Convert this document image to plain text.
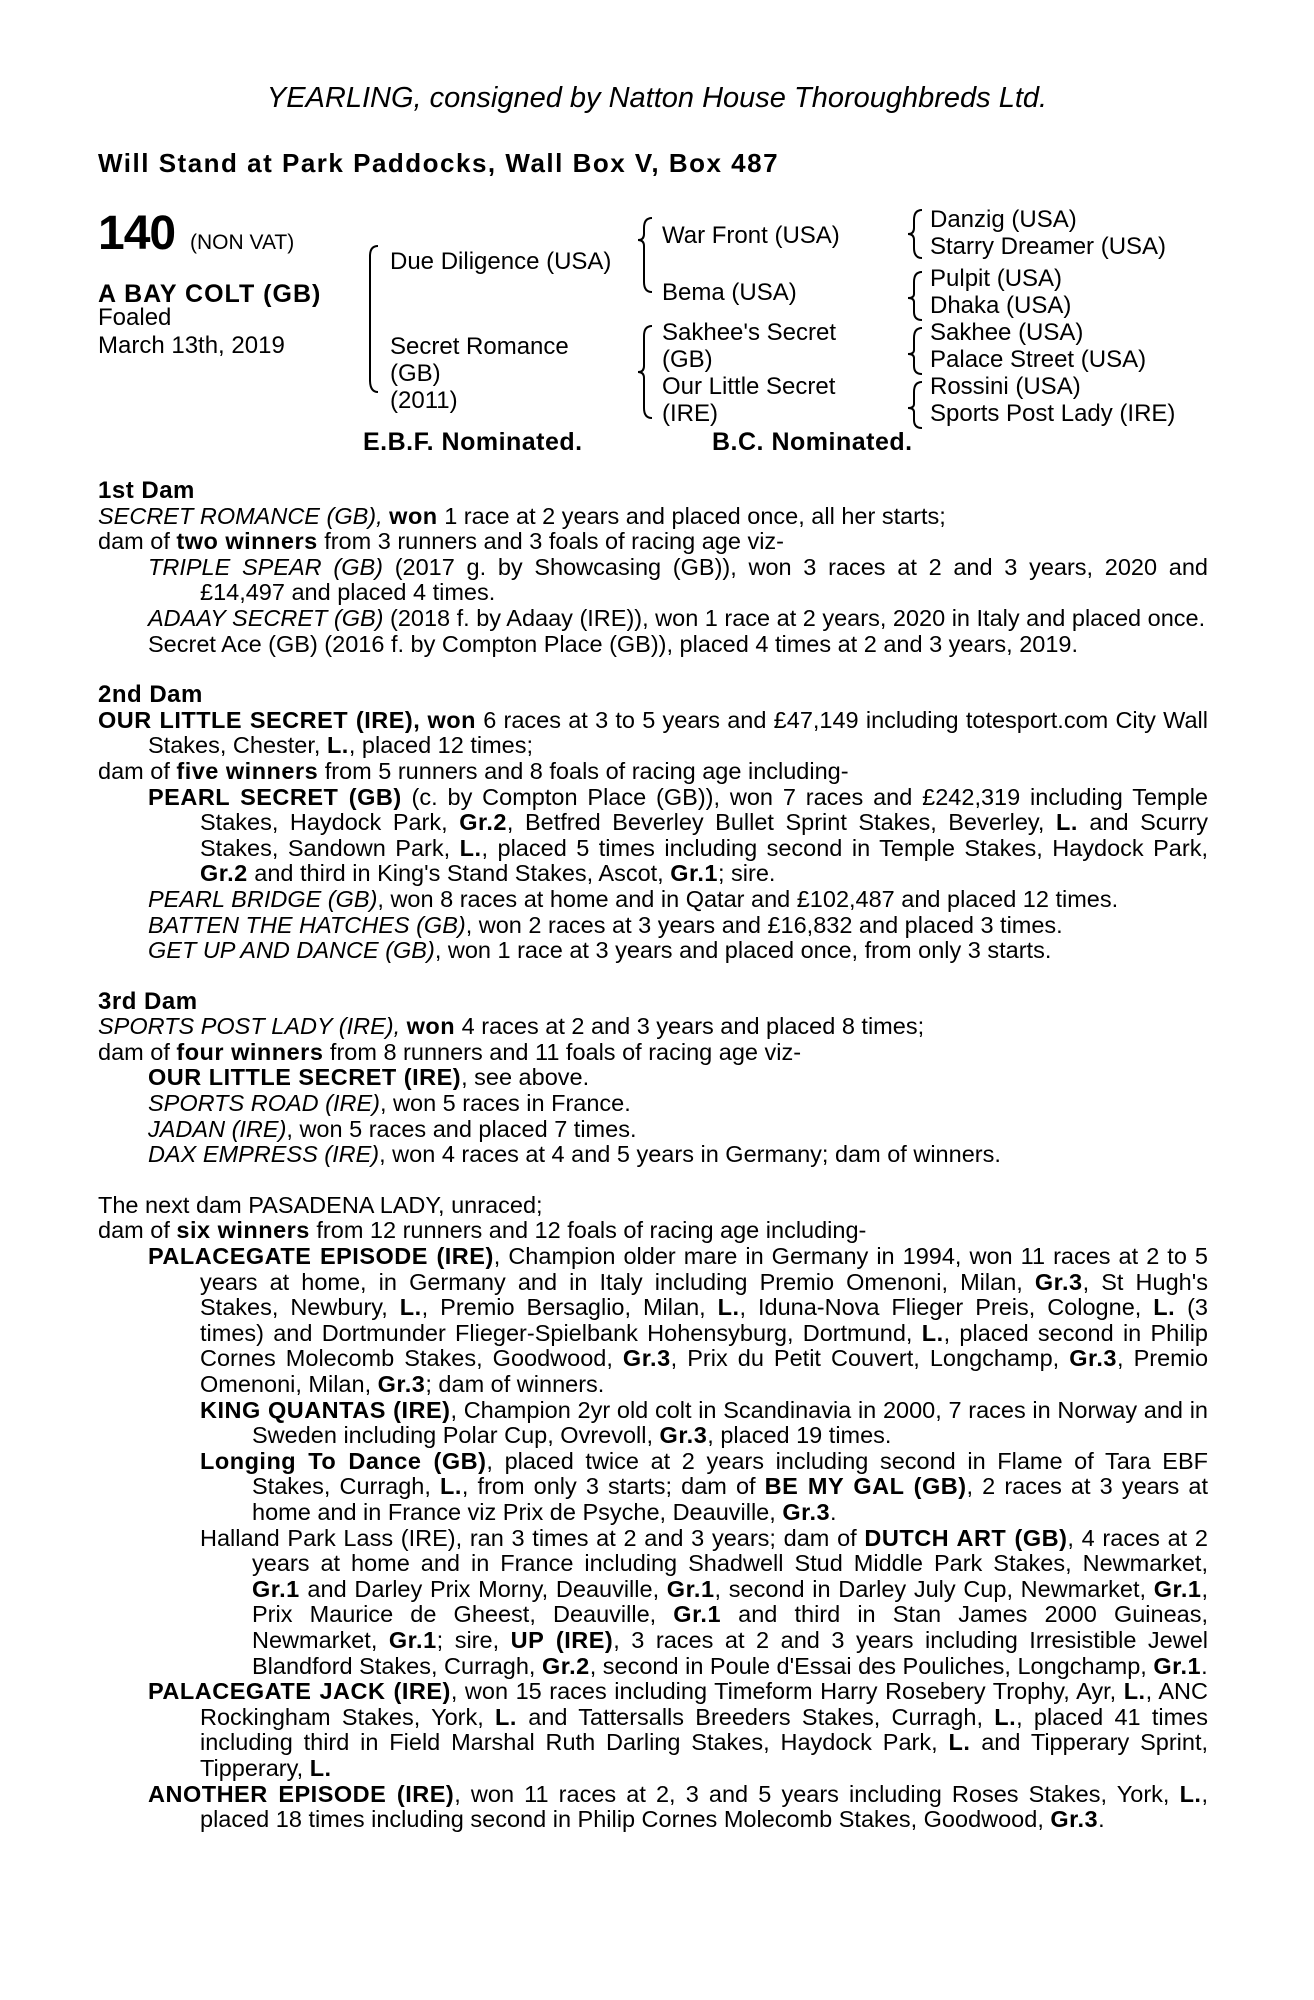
YEARLING, consigned by Natton House Thoroughbreds Ltd.
Will Stand at Park Paddocks, Wall Box V, Box 487
140 (NON VAT)
A BAY COLT (GB)
Foaled
March 13th, 2019
Due Diligence (USA)
Secret Romance
(GB)
(2011)
War Front (USA)
Bema (USA)
Sakhee's Secret
(GB)
Our Little Secret
(IRE)
Danzig (USA)
Starry Dreamer (USA)
Pulpit (USA)
Dhaka (USA)
Sakhee (USA)
Palace Street (USA)
Rossini (USA)
Sports Post Lady (IRE)
E.B.F. Nominated.	B.C. Nominated.

1st Dam

SECRET ROMANCE (GB), won 1 race at 2 years and placed once, all her starts;

dam of two winners from 3 runners and 3 foals of racing age viz-

TRIPLE SPEAR (GB) (2017 g. by Showcasing (GB)), won 3 races at 2 and 3 years, 2020 and £14,497 and placed 4 times.

ADAAY SECRET (GB) (2018 f. by Adaay (IRE)), won 1 race at 2 years, 2020 in Italy and placed once.

Secret Ace (GB) (2016 f. by Compton Place (GB)), placed 4 times at 2 and 3 years, 2019.

2nd Dam

OUR LITTLE SECRET (IRE), won 6 races at 3 to 5 years and £47,149 including totesport.com City Wall Stakes, Chester, L., placed 12 times;

dam of five winners from 5 runners and 8 foals of racing age including-

PEARL SECRET (GB) (c. by Compton Place (GB)), won 7 races and £242,319 including Temple Stakes, Haydock Park, Gr.2, Betfred Beverley Bullet Sprint Stakes, Beverley, L. and Scurry Stakes, Sandown Park, L., placed 5 times including second in Temple Stakes, Haydock Park, Gr.2 and third in King's Stand Stakes, Ascot, Gr.1; sire.

PEARL BRIDGE (GB), won 8 races at home and in Qatar and £102,487 and placed 12 times.

BATTEN THE HATCHES (GB), won 2 races at 3 years and £16,832 and placed 3 times.

GET UP AND DANCE (GB), won 1 race at 3 years and placed once, from only 3 starts.

3rd Dam

SPORTS POST LADY (IRE), won 4 races at 2 and 3 years and placed 8 times;

dam of four winners from 8 runners and 11 foals of racing age viz-

OUR LITTLE SECRET (IRE), see above.

SPORTS ROAD (IRE), won 5 races in France.

JADAN (IRE), won 5 races and placed 7 times.

DAX EMPRESS (IRE), won 4 races at 4 and 5 years in Germany; dam of winners.

The next dam PASADENA LADY, unraced;

dam of six winners from 12 runners and 12 foals of racing age including-

PALACEGATE EPISODE (IRE), Champion older mare in Germany in 1994, won 11 races at 2 to 5 years at home, in Germany and in Italy including Premio Omenoni, Milan, Gr.3, St Hugh's Stakes, Newbury, L., Premio Bersaglio, Milan, L., Iduna-Nova Flieger Preis, Cologne, L. (3 times) and Dortmunder Flieger-Spielbank Hohensyburg, Dortmund, L., placed second in Philip Cornes Molecomb Stakes, Goodwood, Gr.3, Prix du Petit Couvert, Longchamp, Gr.3, Premio Omenoni, Milan, Gr.3; dam of winners.

KING QUANTAS (IRE), Champion 2yr old colt in Scandinavia in 2000, 7 races in Norway and in Sweden including Polar Cup, Ovrevoll, Gr.3, placed 19 times.

Longing To Dance (GB), placed twice at 2 years including second in Flame of Tara EBF Stakes, Curragh, L., from only 3 starts; dam of BE MY GAL (GB), 2 races at 3 years at home and in France viz Prix de Psyche, Deauville, Gr.3.

Halland Park Lass (IRE), ran 3 times at 2 and 3 years; dam of DUTCH ART (GB), 4 races at 2 years at home and in France including Shadwell Stud Middle Park Stakes, Newmarket, Gr.1 and Darley Prix Morny, Deauville, Gr.1, second in Darley July Cup, Newmarket, Gr.1, Prix Maurice de Gheest, Deauville, Gr.1 and third in Stan James 2000 Guineas, Newmarket, Gr.1; sire, UP (IRE), 3 races at 2 and 3 years including Irresistible Jewel Blandford Stakes, Curragh, Gr.2, second in Poule d'Essai des Pouliches, Longchamp, Gr.1.

PALACEGATE JACK (IRE), won 15 races including Timeform Harry Rosebery Trophy, Ayr, L., ANC Rockingham Stakes, York, L. and Tattersalls Breeders Stakes, Curragh, L., placed 41 times including third in Field Marshal Ruth Darling Stakes, Haydock Park, L. and Tipperary Sprint, Tipperary, L.

ANOTHER EPISODE (IRE), won 11 races at 2, 3 and 5 years including Roses Stakes, York, L., placed 18 times including second in Philip Cornes Molecomb Stakes, Goodwood, Gr.3.
